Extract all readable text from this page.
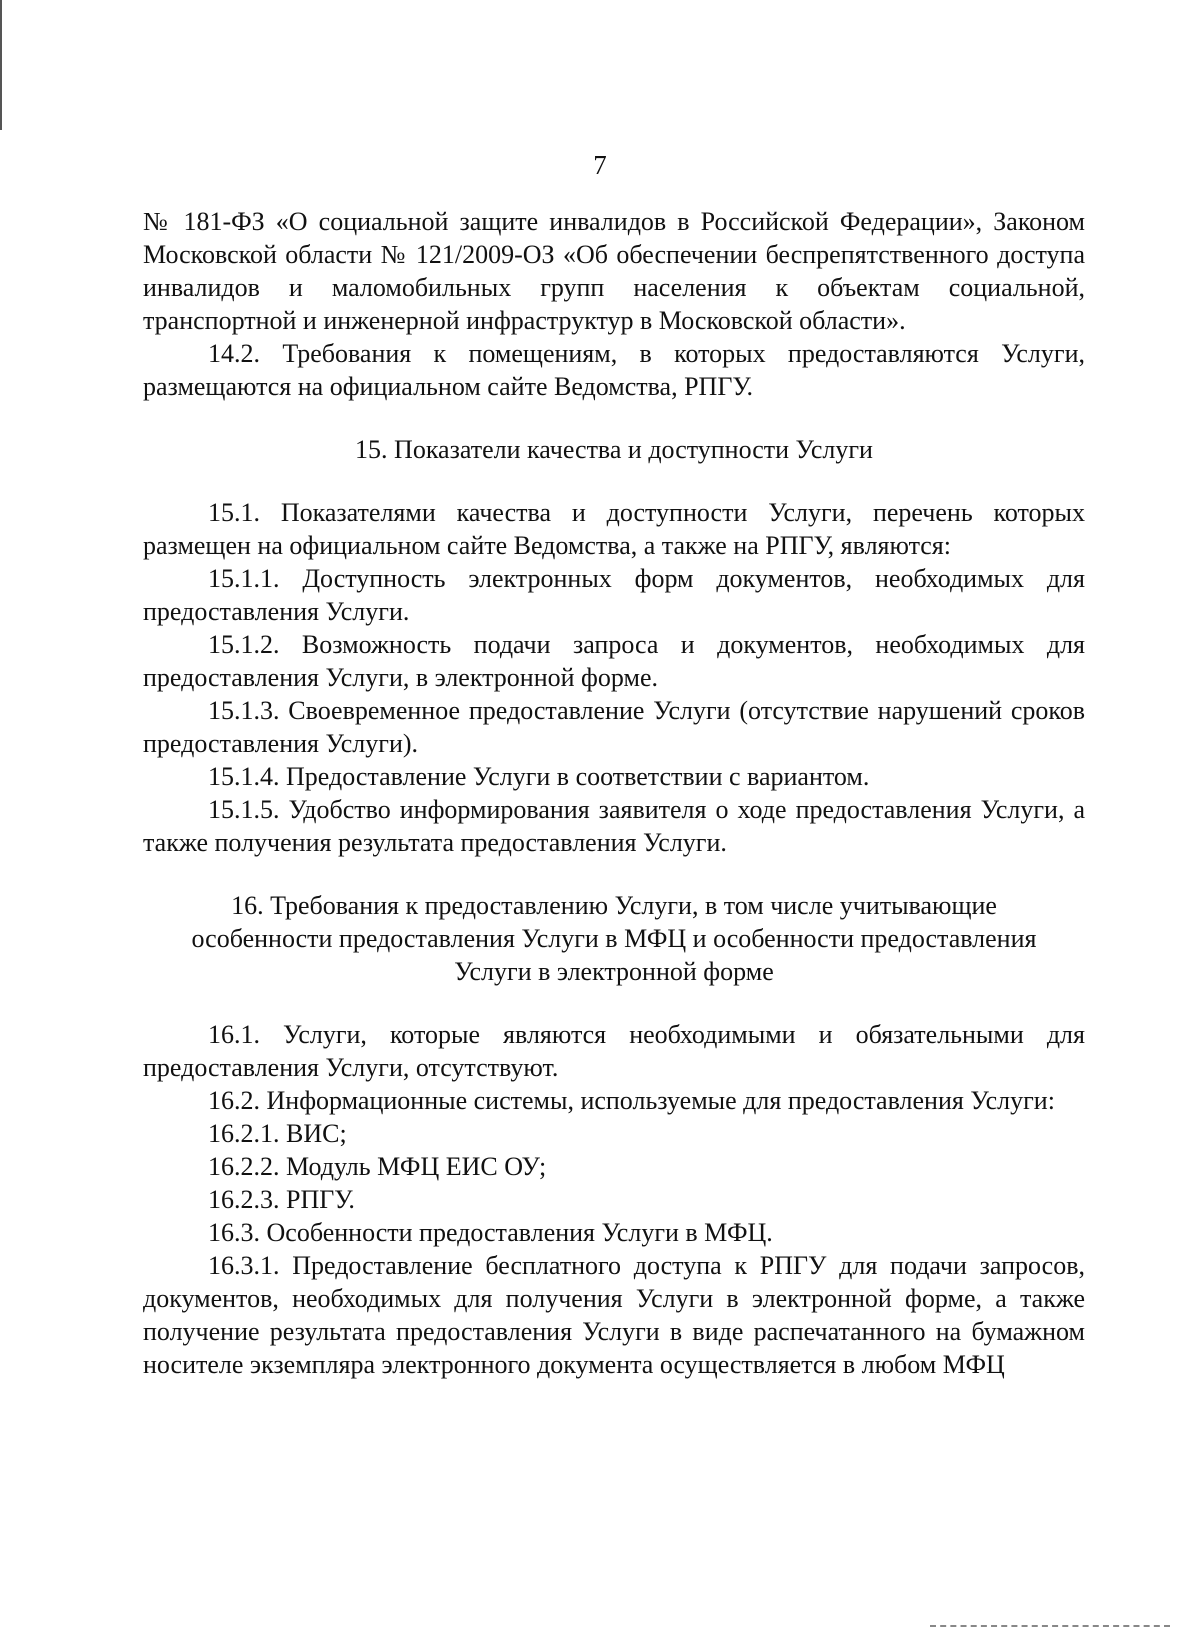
7

№ 181-ФЗ «О социальной защите инвалидов в Российской Федерации», Законом Московской области № 121/2009-ОЗ «Об обеспечении беспрепятственного доступа инвалидов и маломобильных групп населения к объектам социальной, транспортной и инженерной инфраструктур в Московской области».

14.2. Требования к помещениям, в которых предоставляются Услуги, размещаются на официальном сайте Ведомства, РПГУ.

15. Показатели качества и доступности Услуги

15.1. Показателями качества и доступности Услуги, перечень которых размещен на официальном сайте Ведомства, а также на РПГУ, являются:

15.1.1. Доступность электронных форм документов, необходимых для предоставления Услуги.

15.1.2. Возможность подачи запроса и документов, необходимых для предоставления Услуги, в электронной форме.

15.1.3. Своевременное предоставление Услуги (отсутствие нарушений сроков предоставления Услуги).

15.1.4. Предоставление Услуги в соответствии с вариантом.

15.1.5. Удобство информирования заявителя о ходе предоставления Услуги, а также получения результата предоставления Услуги.

16. Требования к предоставлению Услуги, в том числе учитывающие
особенности предоставления Услуги в МФЦ и особенности предоставления
Услуги в электронной форме

16.1. Услуги, которые являются необходимыми и обязательными для предоставления Услуги, отсутствуют.

16.2. Информационные системы, используемые для предоставления Услуги:

16.2.1. ВИС;

16.2.2. Модуль МФЦ ЕИС ОУ;

16.2.3. РПГУ.

16.3. Особенности предоставления Услуги в МФЦ.

16.3.1. Предоставление бесплатного доступа к РПГУ для подачи запросов, документов, необходимых для получения Услуги в электронной форме, а также получение результата предоставления Услуги в виде распечатанного на бумажном носителе экземпляра электронного документа осуществляется в любом МФЦ
